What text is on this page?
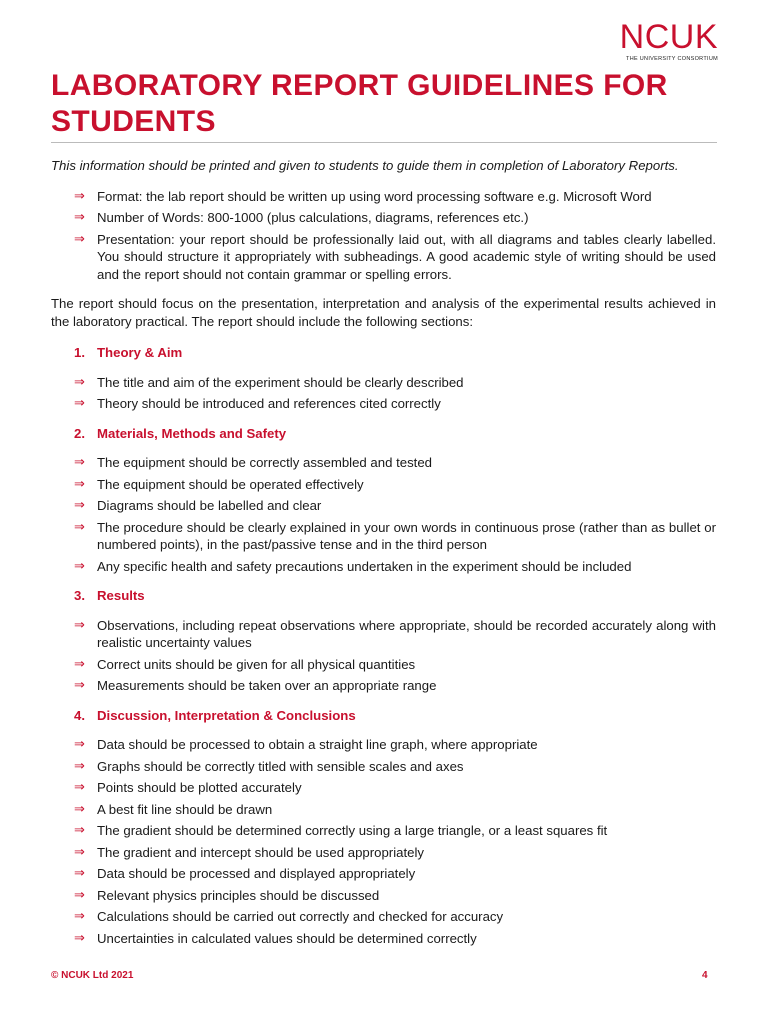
NCUK
THE UNIVERSITY CONSORTIUM
LABORATORY REPORT GUIDELINES FOR STUDENTS

This information should be printed and given to students to guide them in completion of Laboratory Reports.

⇒ Format: the lab report should be written up using word processing software e.g. Microsoft Word
⇒ Number of Words: 800-1000 (plus calculations, diagrams, references etc.)
⇒ Presentation: your report should be professionally laid out, with all diagrams and tables clearly labelled. You should structure it appropriately with subheadings. A good academic style of writing should be used and the report should not contain grammar or spelling errors.

The report should focus on the presentation, interpretation and analysis of the experimental results achieved in the laboratory practical. The report should include the following sections:

1. Theory & Aim
⇒ The title and aim of the experiment should be clearly described
⇒ Theory should be introduced and references cited correctly
2. Materials, Methods and Safety
⇒ The equipment should be correctly assembled and tested
⇒ The equipment should be operated effectively
⇒ Diagrams should be labelled and clear
⇒ The procedure should be clearly explained in your own words in continuous prose (rather than as bullet or numbered points), in the past/passive tense and in the third person
⇒ Any specific health and safety precautions undertaken in the experiment should be included
3. Results
⇒ Observations, including repeat observations where appropriate, should be recorded accurately along with realistic uncertainty values
⇒ Correct units should be given for all physical quantities
⇒ Measurements should be taken over an appropriate range
4. Discussion, Interpretation & Conclusions
⇒ Data should be processed to obtain a straight line graph, where appropriate
⇒ Graphs should be correctly titled with sensible scales and axes
⇒ Points should be plotted accurately
⇒ A best fit line should be drawn
⇒ The gradient should be determined correctly using a large triangle, or a least squares fit
⇒ The gradient and intercept should be used appropriately
⇒ Data should be processed and displayed appropriately
⇒ Relevant physics principles should be discussed
⇒ Calculations should be carried out correctly and checked for accuracy
⇒ Uncertainties in calculated values should be determined correctly
© NCUK Ltd 2021	4
